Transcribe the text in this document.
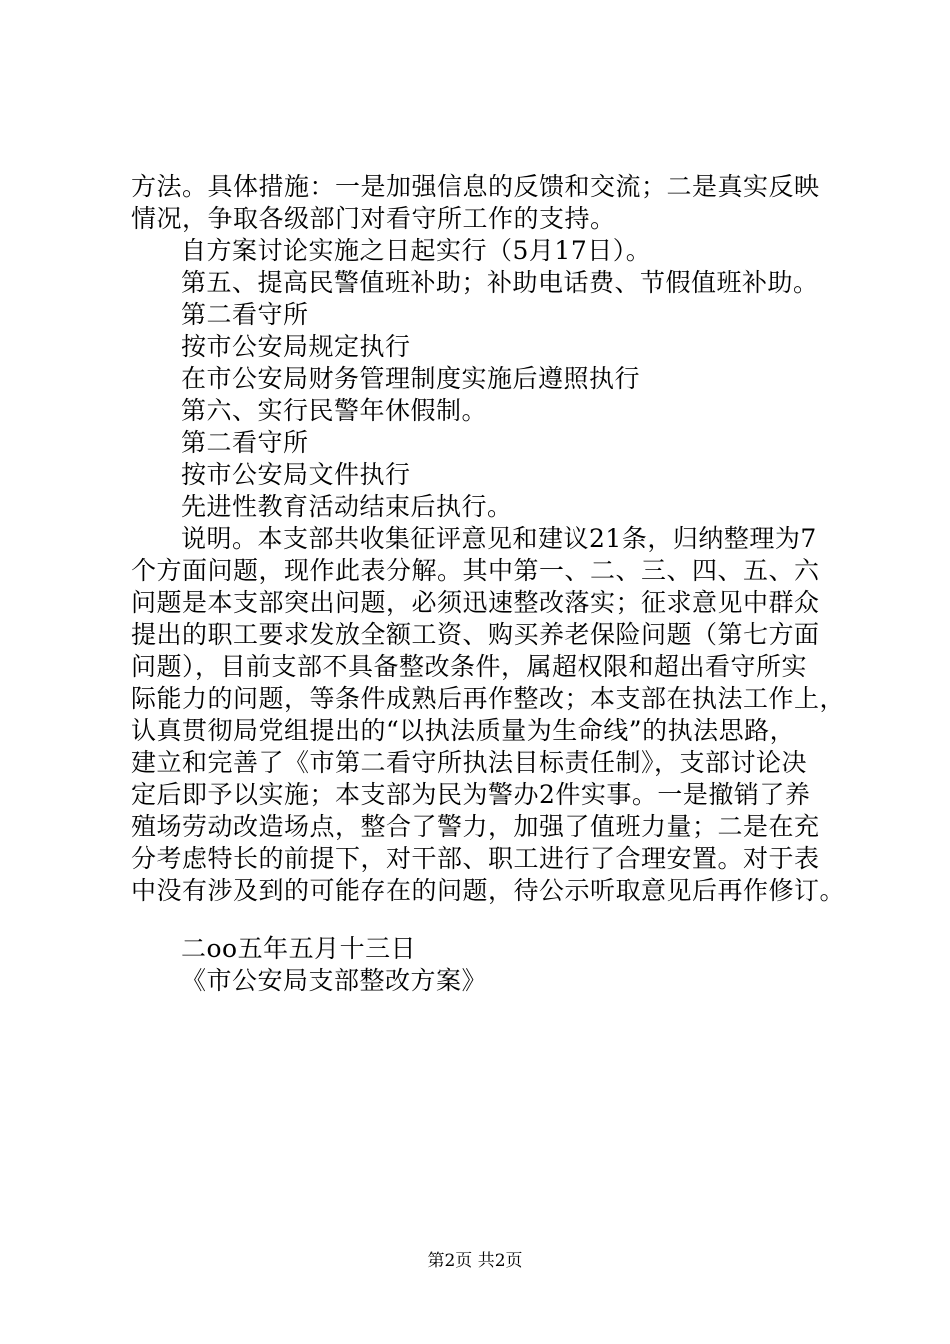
方法。具体措施：一是加强信息的反馈和交流；二是真实反映

情况，争取各级部门对看守所工作的支持。

自方案讨论实施之日起实行（5月17日）。

第五、提高民警值班补助；补助电话费、节假值班补助。

第二看守所

按市公安局规定执行

在市公安局财务管理制度实施后遵照执行

第六、实行民警年休假制。

第二看守所

按市公安局文件执行

先进性教育活动结束后执行。

说明。本支部共收集征评意见和建议21条，归纳整理为7

个方面问题，现作此表分解。其中第一、二、三、四、五、六

问题是本支部突出问题，必须迅速整改落实；征求意见中群众

提出的职工要求发放全额工资、购买养老保险问题（第七方面

问题），目前支部不具备整改条件，属超权限和超出看守所实

际能力的问题，等条件成熟后再作整改；本支部在执法工作上，

认真贯彻局党组提出的“以执法质量为生命线”的执法思路，

建立和完善了《市第二看守所执法目标责任制》，支部讨论决

定后即予以实施；本支部为民为警办2件实事。一是撤销了养

殖场劳动改造场点，整合了警力，加强了值班力量；二是在充

分考虑特长的前提下，对干部、职工进行了合理安置。对于表

中没有涉及到的可能存在的问题，待公示听取意见后再作修订。

二oo五年五月十三日

《市公安局支部整改方案》

第2页 共2页
